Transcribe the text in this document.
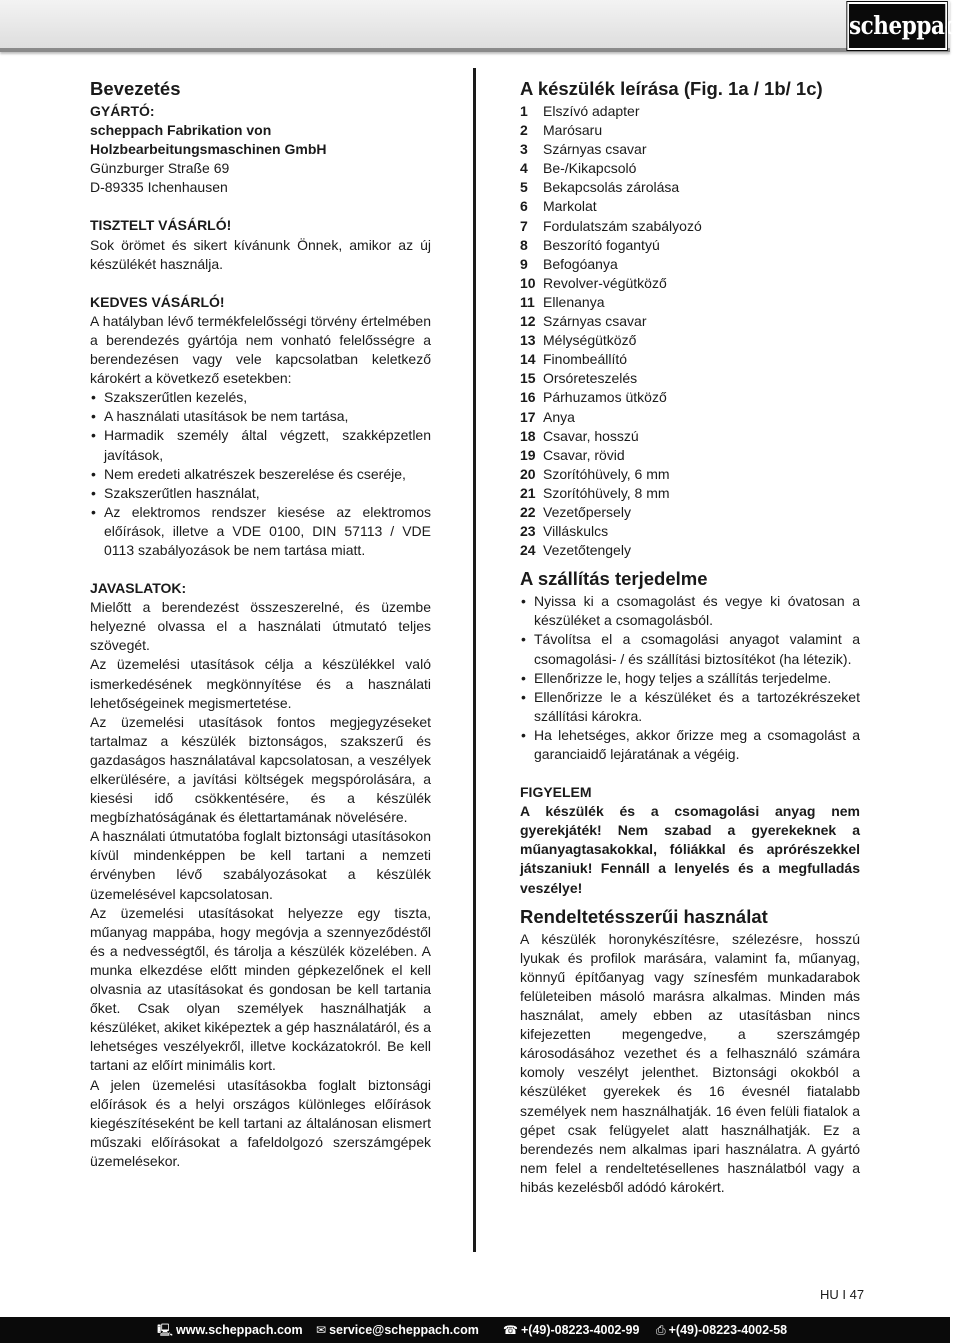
scheppach
Bevezetés
GYÁRTÓ:
scheppach Fabrikation von
Holzbearbeitungsmaschinen GmbH
Günzburger Straße 69
D-89335 Ichenhausen
TISZTELT VÁSÁRLÓ!

Sok örömet és sikert kívánunk Önnek, amikor az új készülékét használja.

KEDVES VÁSÁRLÓ!

A hatályban lévő termékfelelősségi törvény értelmében a berendezés gyártója nem vonható felelősségre a berendezésen vagy vele kapcsolatban keletkező károkért a következő esetekben:

• Szakszerűtlen kezelés,
• A használati utasítások be nem tartása,
• Harmadik személy által végzett, szakképzetlen javítások,
• Nem eredeti alkatrészek beszerelése és cseréje,
• Szakszerűtlen használat,
• Az elektromos rendszer kiesése az elektromos előírások, illetve a VDE 0100, DIN 57113 / VDE 0113 szabályozások be nem tartása miatt.
JAVASLATOK:

Mielőtt a berendezést összeszerelné, és üzembe helyezné olvassa el a használati útmutató teljes szövegét.

Az üzemelési utasítások célja a készülékkel való ismerkedésének megkönnyítése és a használati lehetőségeinek megismertetése.

Az üzemelési utasítások fontos megjegyzéseket tartalmaz a készülék biztonságos, szakszerű és gazdaságos használatával kapcsolatosan, a veszélyek elkerülésére, a javítási költségek megspórolására, a kiesési idő csökkentésére, és a készülék megbízhatóságának és élettartamának növelésére.

A használati útmutatóba foglalt biztonsági utasításokon kívül mindenképpen be kell tartani a nemzeti érvényben lévő szabályozásokat a készülék üzemelésével kapcsolatosan.

Az üzemelési utasításokat helyezze egy tiszta, műanyag mappába, hogy megóvja a szennyeződéstől és a nedvességtől, és tárolja a készülék közelében. A munka elkezdése előtt minden gépkezelőnek el kell olvasnia az utasításokat és gondosan be kell tartania őket. Csak olyan személyek használhatják a készüléket, akiket kiképeztek a gép használatáról, és a lehetséges veszélyekről, illetve kockázatokról. Be kell tartani az előírt minimális kort.

A jelen üzemelési utasításokba foglalt biztonsági előírások és a helyi országos különleges előírások kiegészítéseként be kell tartani az általánosan elismert műszaki előírásokat a fafeldolgozó szerszámgépek üzemelésekor.

A készülék leírása (Fig. 1a / 1b/ 1c)
1	Elszívó adapter
2	Marósaru
3	Szárnyas csavar
4	Be-/Kikapcsoló
5	Bekapcsolás zárolása
6	Markolat
7	Fordulatszám szabályozó
8	Beszorító fogantyú
9	Befogóanya
10 Revolver-végütköző
11 Ellenanya
12 Szárnyas csavar
13 Mélységütköző
14 Finombeállító
15 Orsóreteszelés
16 Párhuzamos ütköző
17 Anya
18 Csavar, hosszú
19 Csavar, rövid
20 Szorítóhüvely, 6 mm
21 Szorítóhüvely, 8 mm
22 Vezetőpersely
23 Villáskulcs
24 Vezetőtengely
A szállítás terjedelme
• Nyissa ki a csomagolást és vegye ki óvatosan a készüléket a csomagolásból.
• Távolítsa el a csomagolási anyagot valamint a csomagolási- / és szállítási biztosítékot (ha létezik).
• Ellenőrizze le, hogy teljes a szállítás terjedelme.
• Ellenőrizze le a készüléket és a tartozékrészeket szállítási károkra.
• Ha lehetséges, akkor őrizze meg a csomagolást a garanciaidő lejáratának a végéig.
FIGYELEM

A készülék és a csomagolási anyag nem gyerekjáték! Nem szabad a gyerekeknek a műanyagtasakokkal, fóliákkal és aprórészekkel játszaniuk! Fennáll a lenyelés és a megfulladás veszélye!

Rendeltetésszerűi használat

A készülék horonykészítésre, szélezésre, hosszú lyukak és profilok marására, valamint fa, műanyag, könnyű építőanyag vagy színesfém munkadarabok felületeiben másoló marásra alkalmas. Minden más használat, amely ebben az utasításban nincs kifejezetten megengedve, a szerszámgép károsodásához vezethet és a felhasználó számára komoly veszélyt jelenthet. Biztonsági okokból a készüléket gyerekek és 16 évesnél fiatalabb személyek nem használhatják. 16 éven felüli fiatalok a gépet csak felügyelet alatt használhatják. Ez a berendezés nem alkalmas ipari használatra. A gyártó nem felel a rendeltetésellenes használatból vagy a hibás kezelésből adódó károkért.

HU I 47
🖳 www.scheppach.com ✉ service@scheppach.com ☎ +(49)-08223-4002-99 ⎙ +(49)-08223-4002-58
